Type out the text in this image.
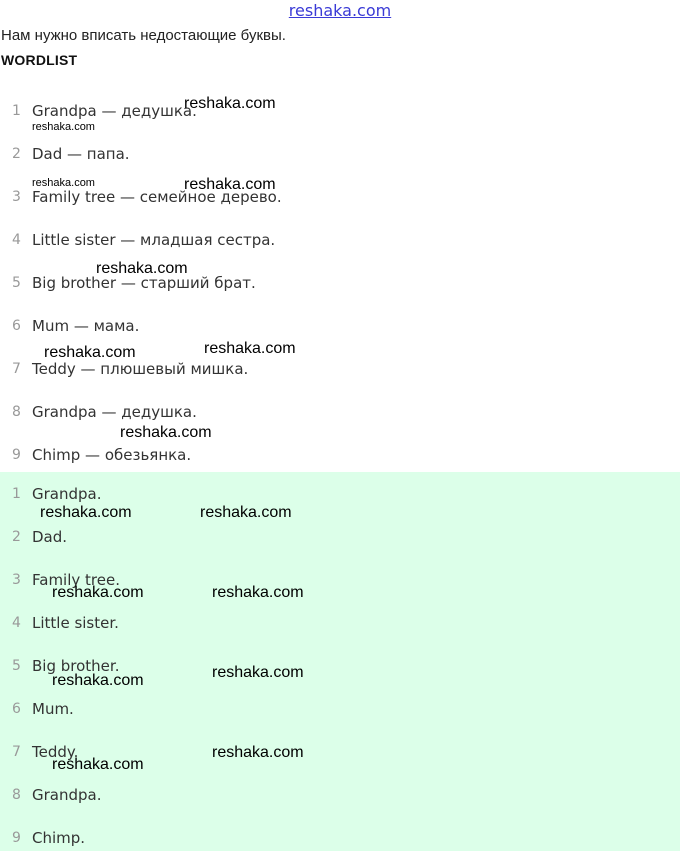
reshaka.com
Нам нужно вписать недостающие буквы.
WORDLIST
1 Grandpa — дедушка.
2 Dad — папа.
3 Family tree — семейное дерево.
4 Little sister — младшая сестра.
5 Big brother — старший брат.
6 Mum — мама.
7 Teddy — плюшевый мишка.
8 Grandpa — дедушка.
9 Chimp — обезьянка.
1 Grandpa.
2 Dad.
3 Family tree.
4 Little sister.
5 Big brother.
6 Mum.
7 Teddy.
8 Grandpa.
9 Chimp.
reshaka.com
reshaka.com
reshaka.com	reshaka.com
reshaka.com
reshaka.com	reshaka.com
reshaka.com
reshaka.com	reshaka.com
reshaka.com	reshaka.com
reshaka.com	reshaka.com
reshaka.com
reshaka.com
